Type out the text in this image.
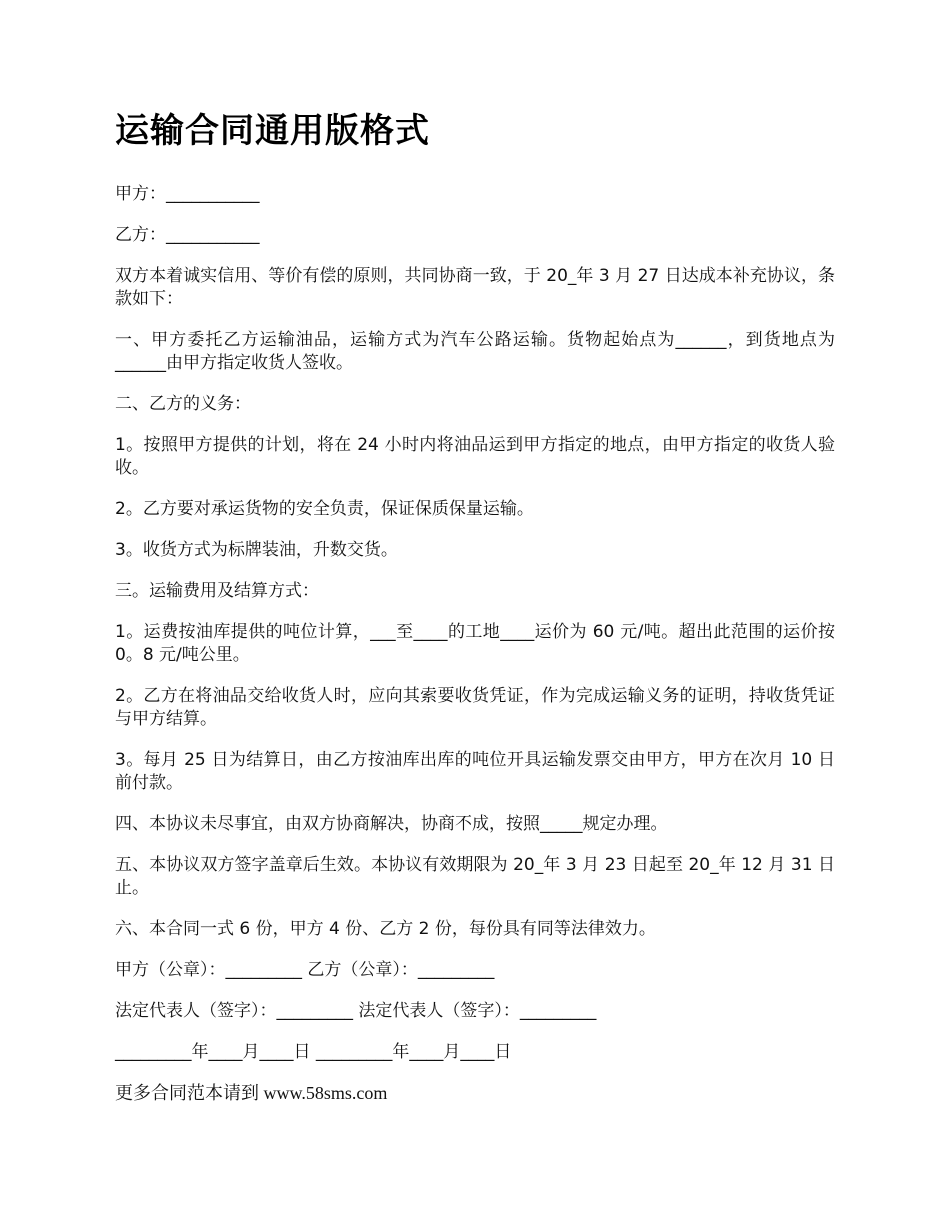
运输合同通用版格式

甲方：___________

乙方：___________

双方本着诚实信用、等价有偿的原则，共同协商一致，于 20_年 3 月 27 日达成本补充协议，条款如下：

一、甲方委托乙方运输油品，运输方式为汽车公路运输。货物起始点为______，到货地点为______由甲方指定收货人签收。

二、乙方的义务：

1。按照甲方提供的计划，将在 24 小时内将油品运到甲方指定的地点，由甲方指定的收货人验收。

2。乙方要对承运货物的安全负责，保证保质保量运输。

3。收货方式为标牌装油，升数交货。

三。运输费用及结算方式：

1。运费按油库提供的吨位计算，___至____的工地____运价为 60 元/吨。超出此范围的运价按 0。8 元/吨公里。

2。乙方在将油品交给收货人时，应向其索要收货凭证，作为完成运输义务的证明，持收货凭证与甲方结算。

3。每月 25 日为结算日，由乙方按油库出库的吨位开具运输发票交由甲方，甲方在次月 10 日前付款。

四、本协议未尽事宜，由双方协商解决，协商不成，按照_____规定办理。

五、本协议双方签字盖章后生效。本协议有效期限为 20_年 3 月 23 日起至 20_年 12 月 31 日止。

六、本合同一式 6 份，甲方 4 份、乙方 2 份，每份具有同等法律效力。

甲方（公章）：_________ 乙方（公章）：_________

法定代表人（签字）：_________ 法定代表人（签字）：_________

_________年____月____日 _________年____月____日

更多合同范本请到 www.58sms.com
